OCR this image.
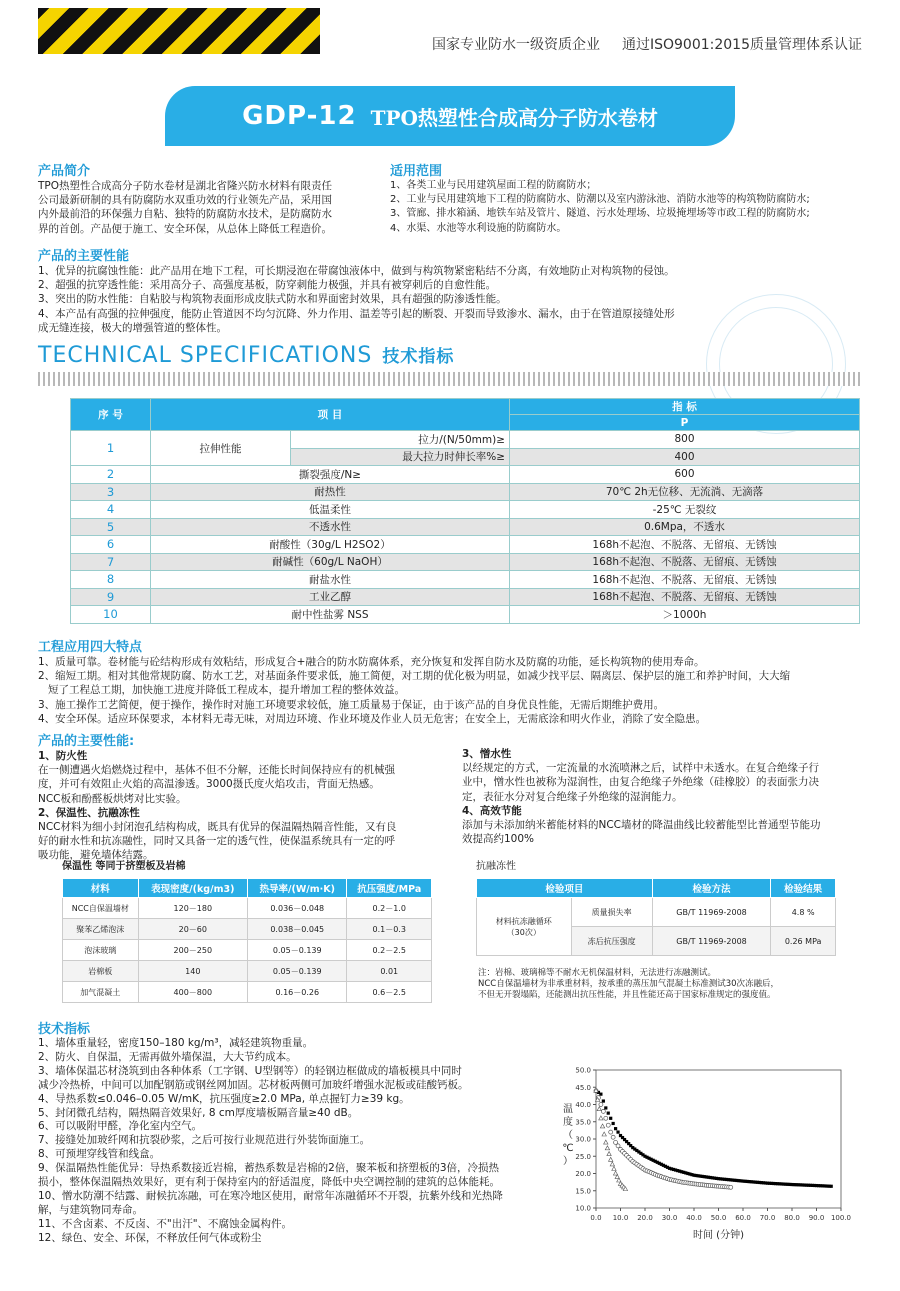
国家专业防水一级资质企业 通过ISO9001:2015质量管理体系认证
GDP-12 TPO热塑性合成高分子防水卷材
产品简介
TPO热塑性合成高分子防水卷材是湖北省隆兴防水材料有限责任
公司最新研制的具有防腐防水双重功效的行业领先产品，采用国
内外最前沿的环保强力自粘、独特的防腐防水技术，是防腐防水
界的首创。产品便于施工、安全环保，从总体上降低工程造价。
适用范围
1、各类工业与民用建筑屋面工程的防腐防水；
2、工业与民用建筑地下工程的防腐防水、防潮以及室内游泳池、消防水池等的构筑物防腐防水;
3、管廊、排水箱涵、地铁车站及管片、隧道、污水处理场、垃圾掩埋场等市政工程的防腐防水;
4、水渠、水池等水利设施的防腐防水。
产品的主要性能
1、优异的抗腐蚀性能：此产品用在地下工程，可长期浸泡在带腐蚀液体中，做到与构筑物紧密粘结不分离，有效地防止对构筑物的侵蚀。
2、超强的抗穿透性能：采用高分子、高强度基板，防穿刺能力极强，并具有被穿刺后的自愈性能。
3、突出的防水性能：自粘胶与构筑物表面形成皮肤式防水和界面密封效果，具有超强的防渗透性能。
4、本产品有高强的拉伸强度，能防止管道因不均匀沉降、外力作用、温差等引起的断裂、开裂而导致渗水、漏水，由于在管道原接缝处形
成无缝连接，极大的增强管道的整体性。
TECHNICAL SPECIFICATIONS 技术指标
序 号	项 目		指 标
			P
1	拉伸性能	拉力/(N/50mm)≥	800
		最大拉力时伸长率%≥	400
2	撕裂强度/N≥		600
3	耐热性		70℃ 2h无位移、无流淌、无滴落
4	低温柔性		-25℃ 无裂纹
5	不透水性		0.6Mpa，不透水
6	耐酸性（30g/L H2SO2）		168h不起泡、不脱落、无留痕、无锈蚀
7	耐碱性（60g/L NaOH）		168h不起泡、不脱落、无留痕、无锈蚀
8	耐盐水性		168h不起泡、不脱落、无留痕、无锈蚀
9	工业乙醇		168h不起泡、不脱落、无留痕、无锈蚀
10	耐中性盐雾 NSS		＞1000h
工程应用四大特点
1、质量可靠。卷材能与砼结构形成有效粘结，形成复合+融合的防水防腐体系，充分恢复和发挥自防水及防腐的功能，延长构筑物的使用寿命。
2、缩短工期。相对其他常规防腐、防水工艺，对基面条件要求低，施工简便，对工期的优化极为明显，如减少找平层、隔离层、保护层的施工和养护时间，大大缩
短了工程总工期，加快施工进度并降低工程成本，提升增加工程的整体效益。
3、施工操作工艺简便，便于操作，操作时对施工环境要求较低，施工质量易于保证，由于该产品的自身优良性能，无需后期维护费用。
4、安全环保。适应环保要求，本材料无毒无味，对周边环境、作业环境及作业人员无危害；在安全上，无需底涂和明火作业，消除了安全隐患。
产品的主要性能:
1、防火性
在一侧遭遇火焰燃烧过程中，基体不但不分解，还能长时间保持应有的机械强
度，并可有效阻止火焰的高温渗透。3000摄氏度火焰攻击，背面无热感。
NCC板和酚醛板烘烤对比实验。
2、保温性、抗融冻性
NCC材料为细小封闭泡孔结构构成，既具有优异的保温隔热隔音性能，又有良
好的耐水性和抗冻融性，同时又具备一定的透气性，使保温系统具有一定的呼
吸功能，避免墙体结露。
3、憎水性
以经规定的方式，一定流量的水流喷淋之后，试样中未透水。在复合绝缘子行
业中，憎水性也被称为湿润性，由复合绝缘子外绝缘（硅橡胶）的表面张力决
定，表征水分对复合绝缘子外绝缘的湿润能力。
4、高效节能
添加与未添加纳米蓄能材料的NCC墙材的降温曲线比较蓄能型比普通型节能功
效提高约100%
保温性 等同于挤塑板及岩棉
材料	表现密度/(kg/m3)	热导率/(W/m·K)	抗压强度/MPa
NCC自保温墙材	120－180	0.036－0.048	0.2－1.0
聚苯乙烯泡沫	20－60	0.038－0.045	0.1－0.3
泡沫玻璃	200－250	0.05－0.139	0.2－2.5
岩棉板	140	0.05－0.139	0.01
加气混凝土	400－800	0.16－0.26	0.6－2.5
抗融冻性
检验项目		检验方法	检验结果
材料抗冻融循环
（30次）	质量损失率	GB/T 11969-2008	4.8 %
	冻后抗压强度	GB/T 11969-2008	0.26 MPa
注：岩棉、玻璃棉等不耐水无机保温材料，无法进行冻融测试。
NCC自保温墙材为非承重材料，按承重的蒸压加气混凝土标准测试30次冻融后，
不但无开裂塌陷，还能测出抗压性能，并且性能还高于国家标准规定的强度值。
技术指标
1、墙体重量轻，密度150–180 kg/m³，减轻建筑物重量。
2、防火、自保温，无需再做外墙保温，大大节约成本。
3、墙体保温芯材浇筑到由各种体系（工字钢、U型钢等）的轻钢边框做成的墙板模具中同时
减少冷热桥，中间可以加配钢筋或钢丝网加固。芯材板两侧可加玻纤增强水泥板或硅酸钙板。
4、导热系数≤0.046–0.05 W/mK，抗压强度≥2.0 MPa, 单点握钉力≥39 kg。
5、封闭微孔结构，隔热隔音效果好, 8 cm厚度墙板隔音量≥40 dB。
6、可以吸附甲醛，净化室内空气。
7、接缝处加玻纤网和抗裂砂浆，之后可按行业规范进行外装饰面施工。
8、可预埋穿线管和线盒。
9、保温隔热性能优异：导热系数接近岩棉，蓄热系数是岩棉的2倍，聚苯板和挤塑板的3倍，冷损热
损小，整体保温隔热效果好，更有利于保持室内的舒适温度，降低中央空调控制的建筑的总体能耗。
10、憎水防潮不结露、耐候抗冻融，可在寒冷地区使用，耐常年冻融循环不开裂，抗紫外线和光热降
解，与建筑物同寿命。
11、不含卤素、不反卤、不"出汗"、不腐蚀金属构件。
12、绿色、安全、环保，不释放任何气体或粉尘
10.0
15.0
20.0
25.0
30.0
35.0
40.0
45.0
50.0
0.0 10.0 20.0 30.0 40.0 50.0 60.0 70.0 80.0 90.0 100.0
时间 (分钟)
温
度
（
℃
）
